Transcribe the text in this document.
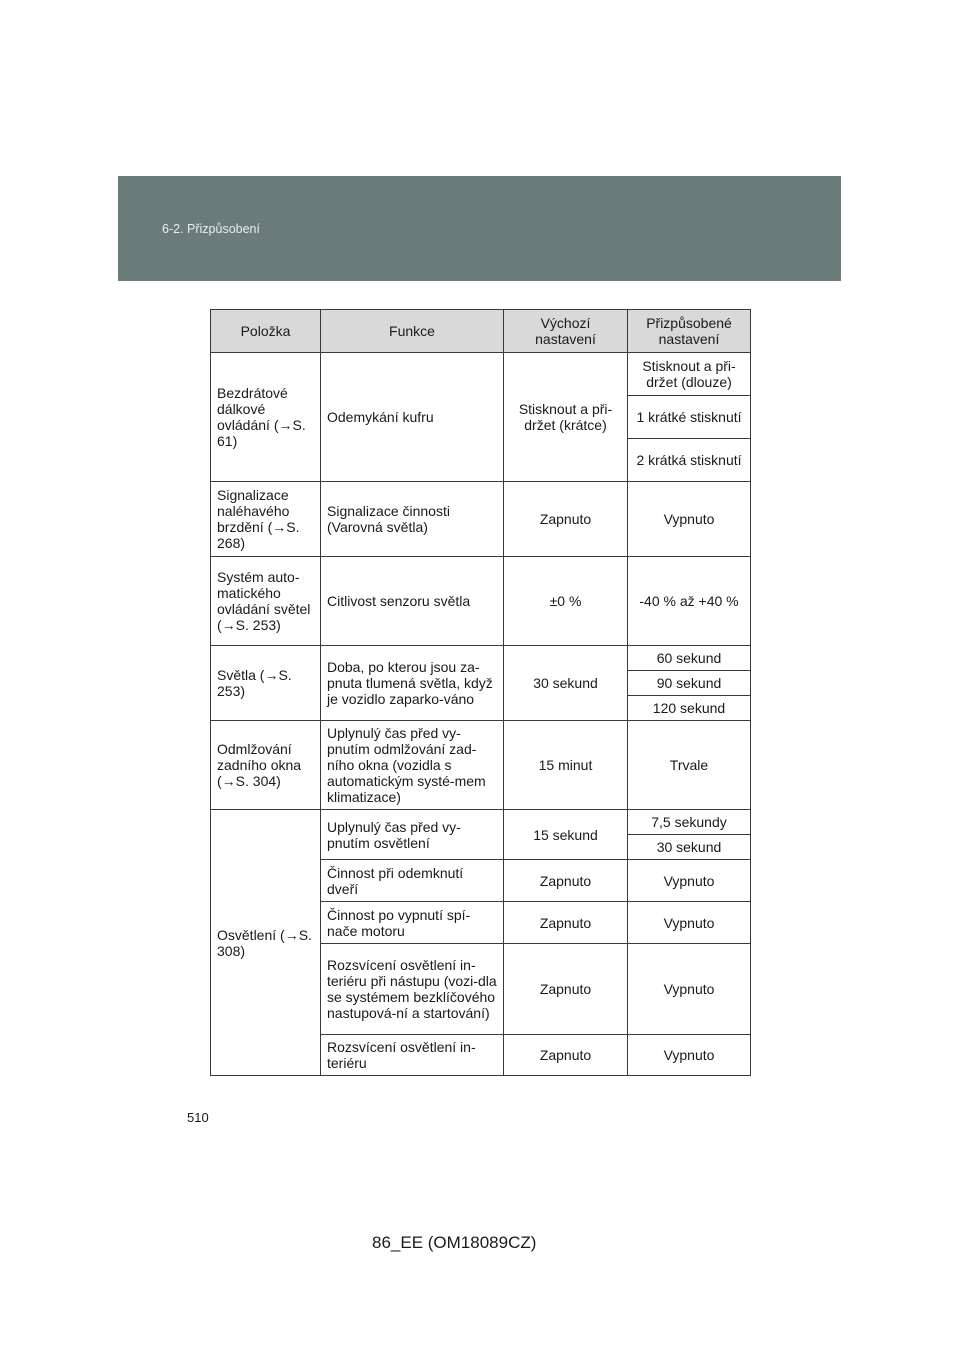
6-2. Přizpůsobení
Položka	Funkce	Výchozí nastavení	Přizpůsobené nastavení
Bezdrátové dálkové ovládání (→S. 61)	Odemykání kufru	Stisknout a při-držet (krátce)	Stisknout a při-držet (dlouze)
			1 krátké stisknutí
			2 krátká stisknutí
Signalizace naléhavého brzdění (→S. 268)	Signalizace činnosti (Varovná světla)	Zapnuto	Vypnuto
Systém auto-matického ovládání světel (→S. 253)	Citlivost senzoru světla	±0 %	-40 % až +40 %
Světla (→S. 253)	Doba, po kterou jsou za-pnuta tlumená světla, když je vozidlo zaparko-váno	30 sekund	60 sekund
			90 sekund
			120 sekund
Odmlžování zadního okna (→S. 304)	Uplynulý čas před vy-pnutím odmlžování zad-ního okna (vozidla s automatickým systé-mem klimatizace)	15 minut	Trvale
Osvětlení (→S. 308)	Uplynulý čas před vy-pnutím osvětlení	15 sekund	7,5 sekundy
			30 sekund
	Činnost při odemknutí dveří	Zapnuto	Vypnuto
	Činnost po vypnutí spí-nače motoru	Zapnuto	Vypnuto
	Rozsvícení osvětlení in-teriéru při nástupu (vozi-dla se systémem bezklíčového nastupová-ní a startování)	Zapnuto	Vypnuto
	Rozsvícení osvětlení in-teriéru	Zapnuto	Vypnuto
510
86_EE (OM18089CZ)
